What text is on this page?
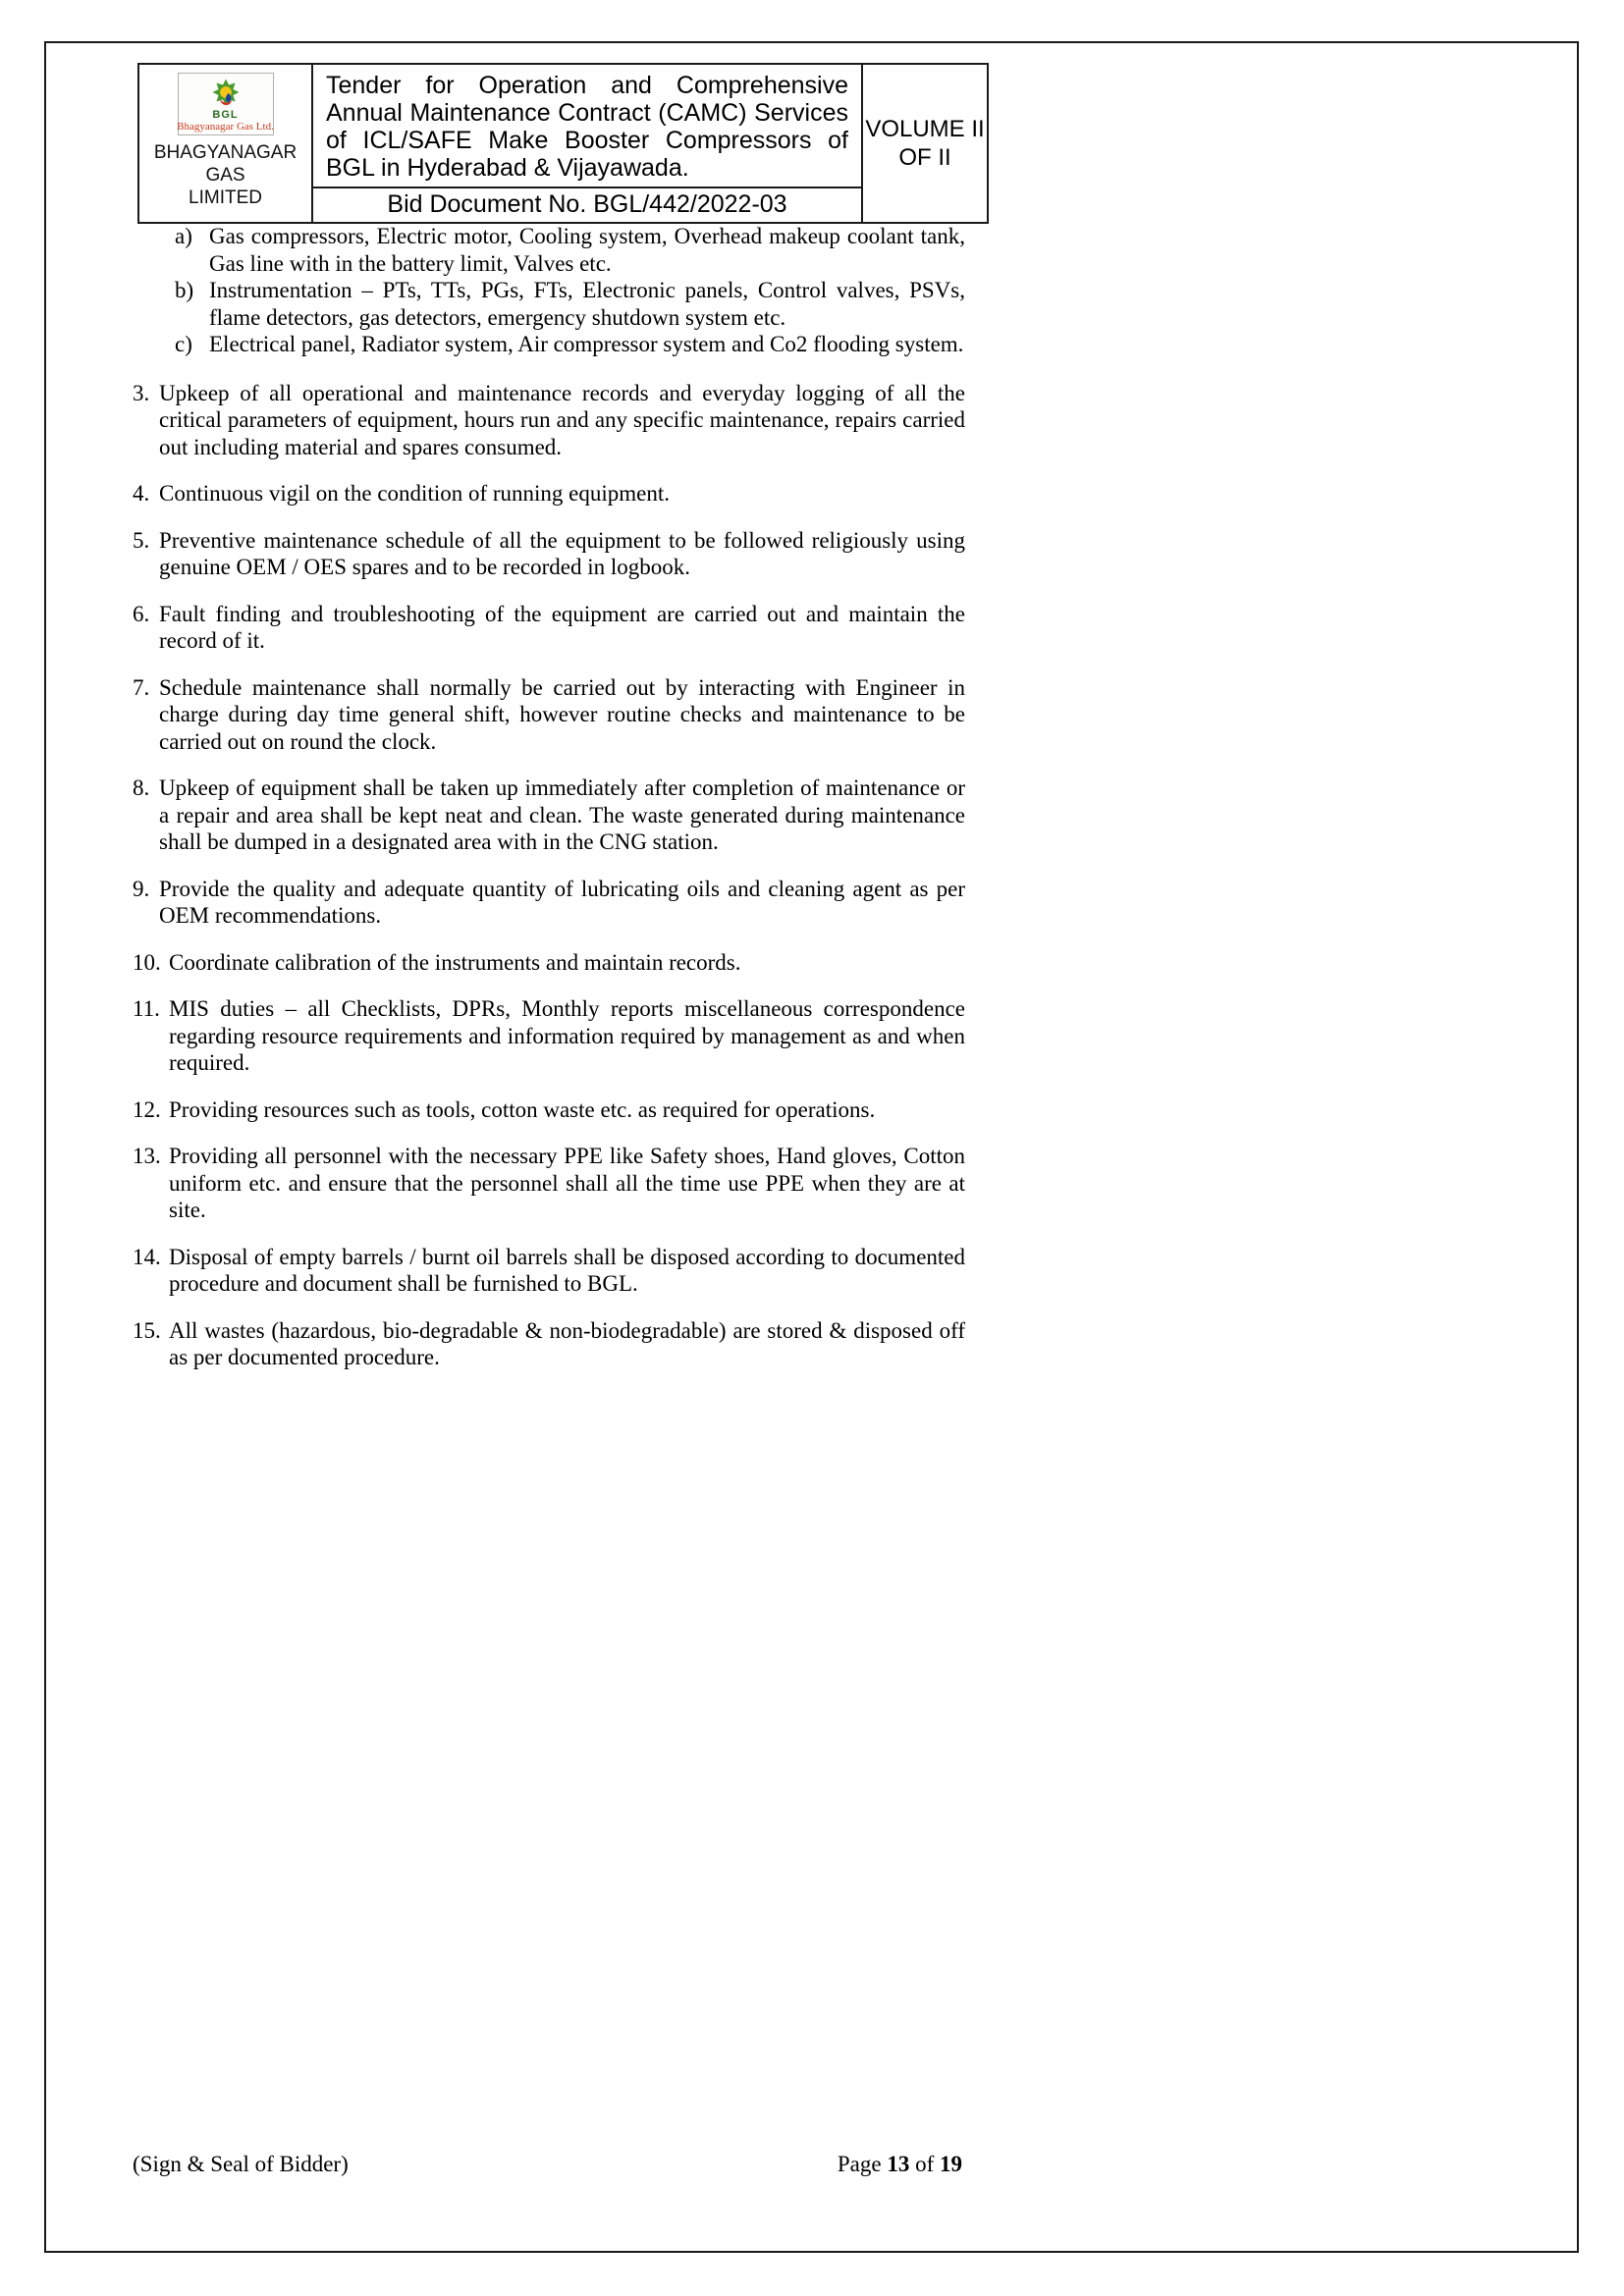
BGL
Bhagyanagar Gas Ltd.
BHAGYANAGAR GAS
LIMITED
Tender for Operation and Comprehensive Annual Maintenance Contract (CAMC) Services of ICL/SAFE Make Booster Compressors of BGL in Hyderabad & Vijayawada.
Bid Document No. BGL/442/2022-03
VOLUME II
OF II
a) Gas compressors, Electric motor, Cooling system, Overhead makeup coolant tank, Gas line with in the battery limit, Valves etc.
b) Instrumentation – PTs, TTs, PGs, FTs, Electronic panels, Control valves, PSVs, flame detectors, gas detectors, emergency shutdown system etc.
c) Electrical panel, Radiator system, Air compressor system and Co2 flooding system.
3. Upkeep of all operational and maintenance records and everyday logging of all the critical parameters of equipment, hours run and any specific maintenance, repairs carried out including material and spares consumed.
4. Continuous vigil on the condition of running equipment.
5. Preventive maintenance schedule of all the equipment to be followed religiously using genuine OEM / OES spares and to be recorded in logbook.
6. Fault finding and troubleshooting of the equipment are carried out and maintain the record of it.
7. Schedule maintenance shall normally be carried out by interacting with Engineer in charge during day time general shift, however routine checks and maintenance to be carried out on round the clock.
8. Upkeep of equipment shall be taken up immediately after completion of maintenance or a repair and area shall be kept neat and clean. The waste generated during maintenance shall be dumped in a designated area with in the CNG station.
9. Provide the quality and adequate quantity of lubricating oils and cleaning agent as per OEM recommendations.
10. Coordinate calibration of the instruments and maintain records.
11. MIS duties – all Checklists, DPRs, Monthly reports miscellaneous correspondence regarding resource requirements and information required by management as and when required.
12. Providing resources such as tools, cotton waste etc. as required for operations.
13. Providing all personnel with the necessary PPE like Safety shoes, Hand gloves, Cotton uniform etc. and ensure that the personnel shall all the time use PPE when they are at site.
14. Disposal of empty barrels / burnt oil barrels shall be disposed according to documented procedure and document shall be furnished to BGL.
15. All wastes (hazardous, bio-degradable & non-biodegradable) are stored & disposed off as per documented procedure.
(Sign & Seal of Bidder)	Page 13 of 19
